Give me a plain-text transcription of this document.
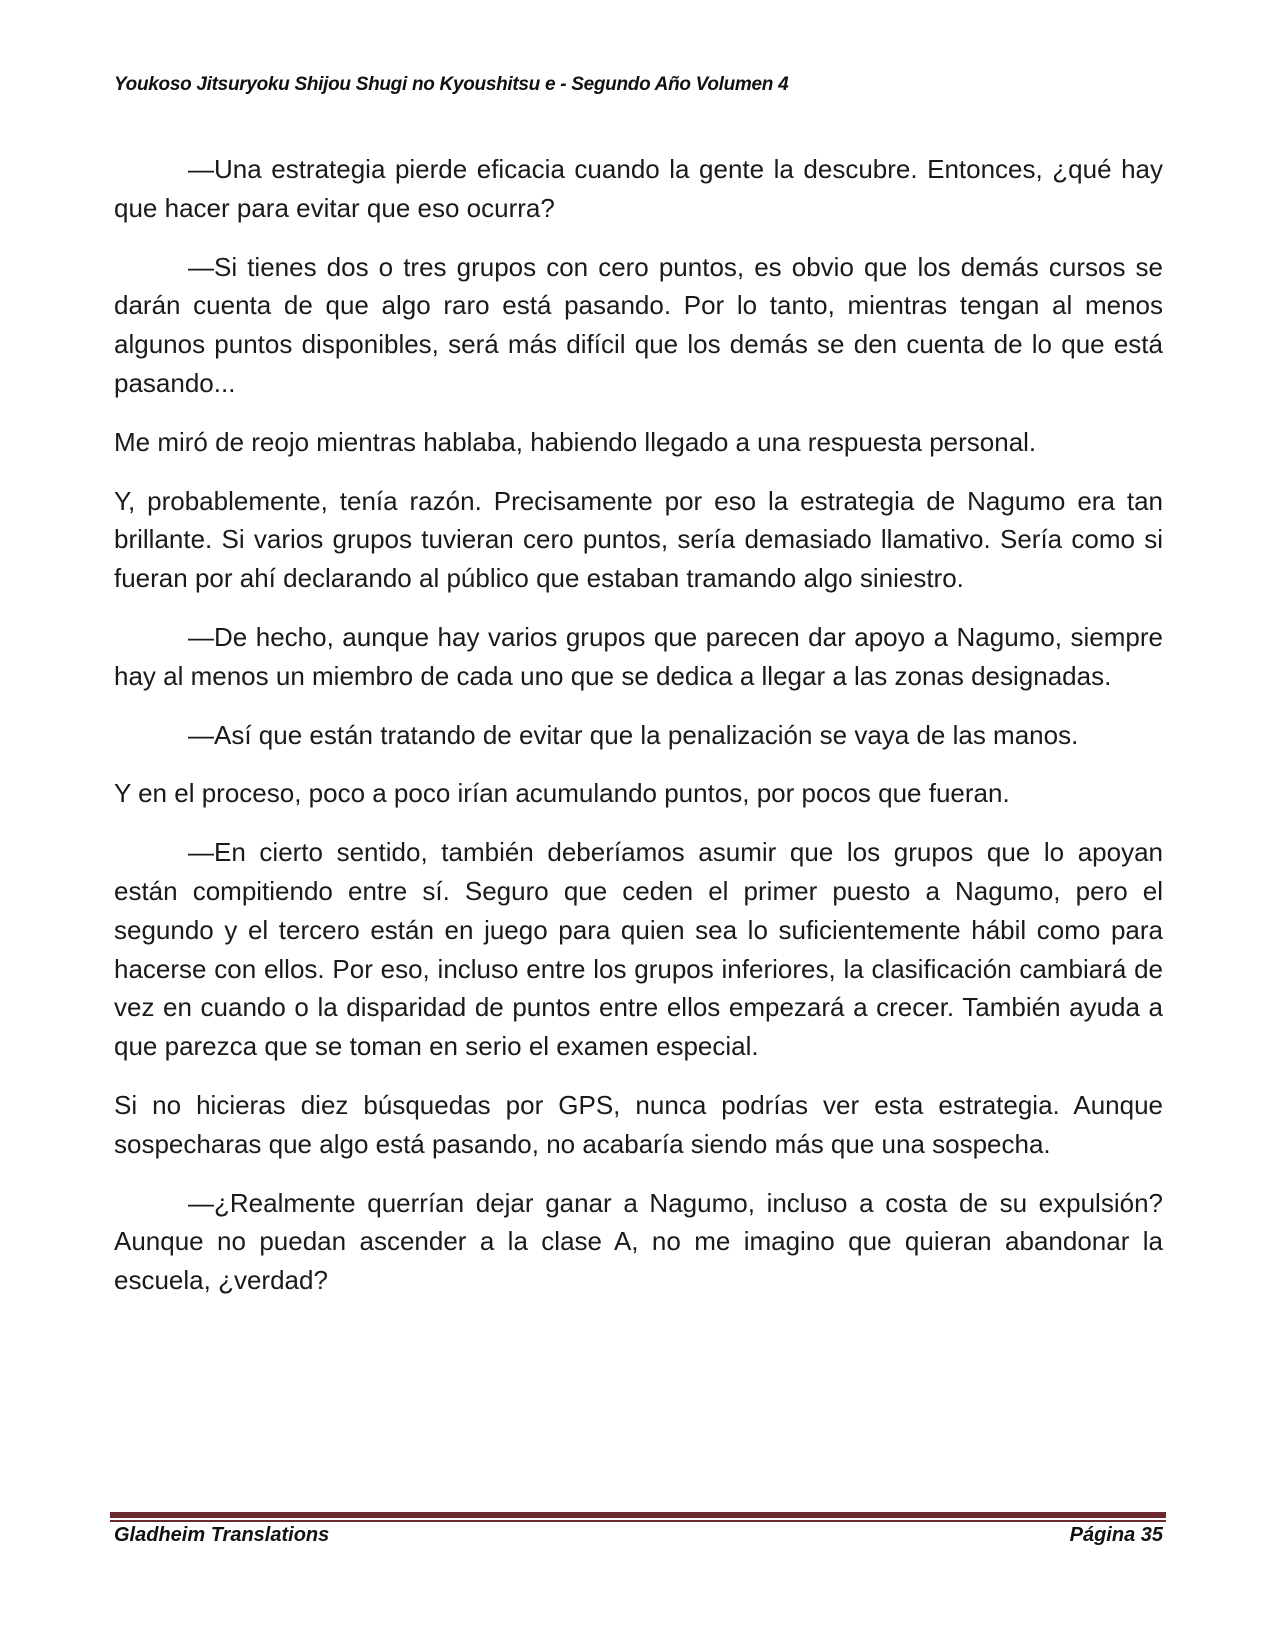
Youkoso Jitsuryoku Shijou Shugi no Kyoushitsu e - Segundo Año Volumen 4

—Una estrategia pierde eficacia cuando la gente la descubre. Entonces, ¿qué hay que hacer para evitar que eso ocurra?

—Si tienes dos o tres grupos con cero puntos, es obvio que los demás cursos se darán cuenta de que algo raro está pasando. Por lo tanto, mientras tengan al menos algunos puntos disponibles, será más difícil que los demás se den cuenta de lo que está pasando...

Me miró de reojo mientras hablaba, habiendo llegado a una respuesta personal.

Y, probablemente, tenía razón. Precisamente por eso la estrategia de Nagumo era tan brillante. Si varios grupos tuvieran cero puntos, sería demasiado llamativo. Sería como si fueran por ahí declarando al público que estaban tramando algo siniestro.

—De hecho, aunque hay varios grupos que parecen dar apoyo a Nagumo, siempre hay al menos un miembro de cada uno que se dedica a llegar a las zonas designadas.

—Así que están tratando de evitar que la penalización se vaya de las manos.

Y en el proceso, poco a poco irían acumulando puntos, por pocos que fueran.

—En cierto sentido, también deberíamos asumir que los grupos que lo apoyan están compitiendo entre sí. Seguro que ceden el primer puesto a Nagumo, pero el segundo y el tercero están en juego para quien sea lo suficientemente hábil como para hacerse con ellos. Por eso, incluso entre los grupos inferiores, la clasificación cambiará de vez en cuando o la disparidad de puntos entre ellos empezará a crecer. También ayuda a que parezca que se toman en serio el examen especial.

Si no hicieras diez búsquedas por GPS, nunca podrías ver esta estrategia. Aunque sospecharas que algo está pasando, no acabaría siendo más que una sospecha.

—¿Realmente querrían dejar ganar a Nagumo, incluso a costa de su expulsión? Aunque no puedan ascender a la clase A, no me imagino que quieran abandonar la escuela, ¿verdad?

Gladheim Translations	Página 35
